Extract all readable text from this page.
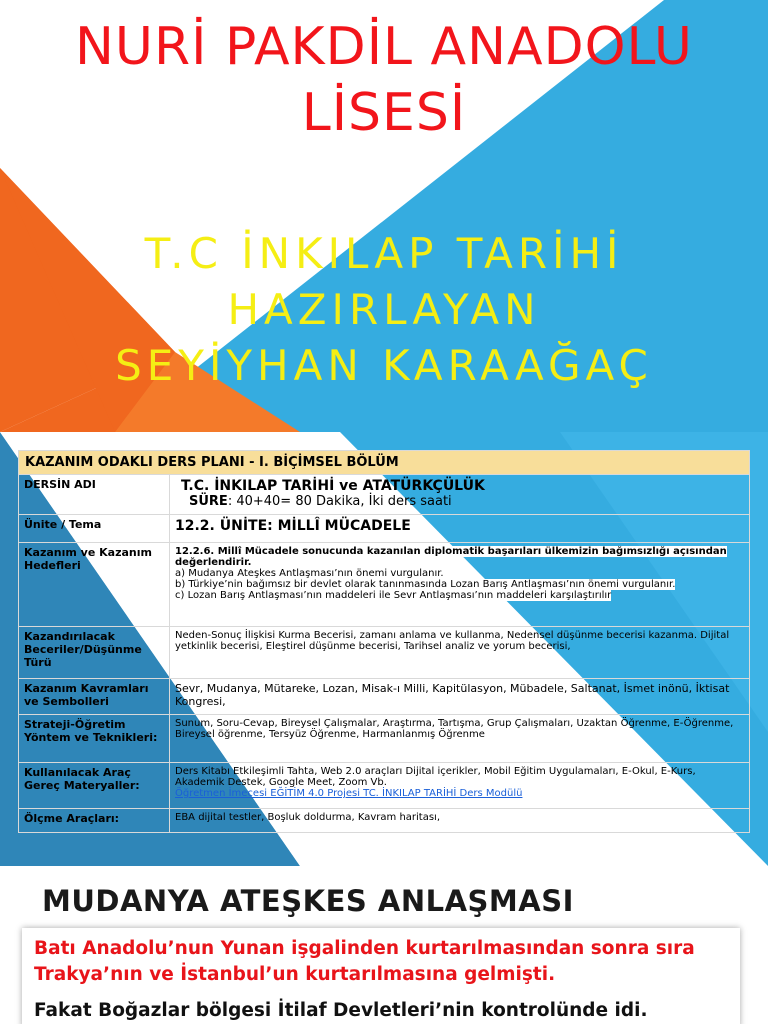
NURİ PAKDİL ANADOLU
LİSESİ
T.C İNKILAP TARİHİ
HAZIRLAYAN
SEYİYHAN KARAAĞAÇ
KAZANIM ODAKLI DERS PLANI - I. BİÇİMSEL BÖLÜM	
DERSİN ADI	T.C. İNKILAP TARİHİ ve ATATÜRKÇÜLÜK
SÜRE: 40+40= 80 Dakika, İki ders saati

Ünite / Tema	12.2. ÜNİTE: MİLLÎ MÜCADELE
Kazanım ve Kazanım Hedefleri	12.2.6. Millî Mücadele sonucunda kazanılan diplomatik başarıları ülkemizin bağımsızlığı açısından değerlendirir.
a) Mudanya Ateşkes Antlaşması’nın önemi vurgulanır.
b) Türkiye’nin bağımsız bir devlet olarak tanınmasında Lozan Barış Antlaşması’nın önemi vurgulanır.
c) Lozan Barış Antlaşması’nın maddeleri ile Sevr Antlaşması’nın maddeleri karşılaştırılır

Kazandırılacak Beceriler/Düşünme Türü	Neden-Sonuç İlişkisi Kurma Becerisi, zamanı anlama ve kullanma, Nedensel düşünme becerisi kazanma. Dijital yetkinlik becerisi, Eleştirel düşünme becerisi, Tarihsel analiz ve yorum becerisi,
Kazanım Kavramları ve Sembolleri	Sevr, Mudanya, Mütareke, Lozan, Misak-ı Milli, Kapitülasyon, Mübadele, Saltanat, İsmet inönü, İktisat Kongresi,
Strateji-Öğretim Yöntem ve Teknikleri:	Sunum, Soru-Cevap, Bireysel Çalışmalar, Araştırma, Tartışma, Grup Çalışmaları, Uzaktan Öğrenme, E-Öğrenme, Bireysel öğrenme, Tersyüz Öğrenme, Harmanlanmış Öğrenme
Kullanılacak Araç Gereç Materyaller:	Ders Kitabı Etkileşimli Tahta, Web 2.0 araçları Dijital içerikler, Mobil Eğitim Uygulamaları, E-Okul, E-Kurs, Akademik Destek, Google Meet, Zoom Vb.
Öğretmen İmecesi EĞİTİM 4.0 Projesi TC. İNKILAP TARİHİ Ders Modülü

Ölçme Araçları:	EBA dijital testler, Boşluk doldurma, Kavram haritası,
MUDANYA ATEŞKES ANLAŞMASI
Batı Anadolu’nun Yunan işgalinden kurtarılmasından sonra sıra Trakya’nın ve İstanbul’un kurtarılmasına gelmişti.
Fakat Boğazlar bölgesi İtilaf Devletleri’nin kontrolünde idi.
